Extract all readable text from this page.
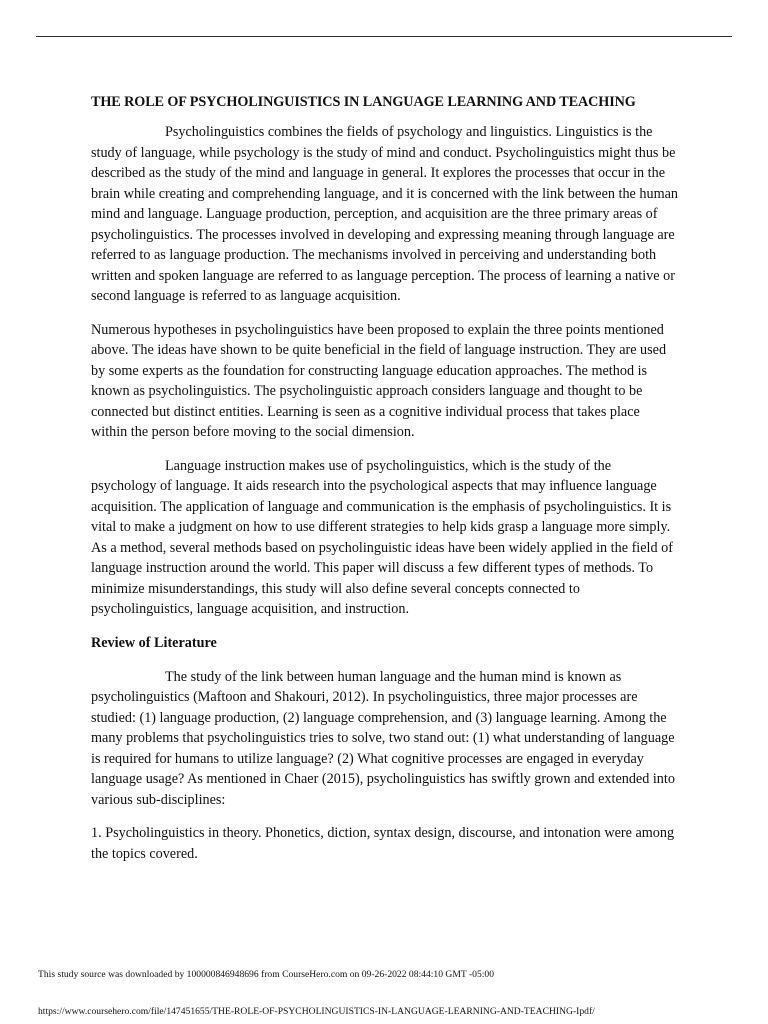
THE ROLE OF PSYCHOLINGUISTICS IN LANGUAGE LEARNING AND TEACHING

Psycholinguistics combines the fields of psychology and linguistics. Linguistics is the study of language, while psychology is the study of mind and conduct. Psycholinguistics might thus be described as the study of the mind and language in general. It explores the processes that occur in the brain while creating and comprehending language, and it is concerned with the link between the human mind and language. Language production, perception, and acquisition are the three primary areas of psycholinguistics. The processes involved in developing and expressing meaning through language are referred to as language production. The mechanisms involved in perceiving and understanding both written and spoken language are referred to as language perception. The process of learning a native or second language is referred to as language acquisition.

Numerous hypotheses in psycholinguistics have been proposed to explain the three points mentioned above. The ideas have shown to be quite beneficial in the field of language instruction. They are used by some experts as the foundation for constructing language education approaches. The method is known as psycholinguistics. The psycholinguistic approach considers language and thought to be connected but distinct entities. Learning is seen as a cognitive individual process that takes place within the person before moving to the social dimension.

Language instruction makes use of psycholinguistics, which is the study of the psychology of language. It aids research into the psychological aspects that may influence language acquisition. The application of language and communication is the emphasis of psycholinguistics. It is vital to make a judgment on how to use different strategies to help kids grasp a language more simply. As a method, several methods based on psycholinguistic ideas have been widely applied in the field of language instruction around the world. This paper will discuss a few different types of methods. To minimize misunderstandings, this study will also define several concepts connected to psycholinguistics, language acquisition, and instruction.

Review of Literature

The study of the link between human language and the human mind is known as psycholinguistics (Maftoon and Shakouri, 2012). In psycholinguistics, three major processes are studied: (1) language production, (2) language comprehension, and (3) language learning. Among the many problems that psycholinguistics tries to solve, two stand out: (1) what understanding of language is required for humans to utilize language? (2) What cognitive processes are engaged in everyday language usage? As mentioned in Chaer (2015), psycholinguistics has swiftly grown and extended into various sub-disciplines:

1. Psycholinguistics in theory. Phonetics, diction, syntax design, discourse, and intonation were among the topics covered.

This study source was downloaded by 100000846948696 from CourseHero.com on 09-26-2022 08:44:10 GMT -05:00
https://www.coursehero.com/file/147451655/THE-ROLE-OF-PSYCHOLINGUISTICS-IN-LANGUAGE-LEARNING-AND-TEACHING-Ipdf/
